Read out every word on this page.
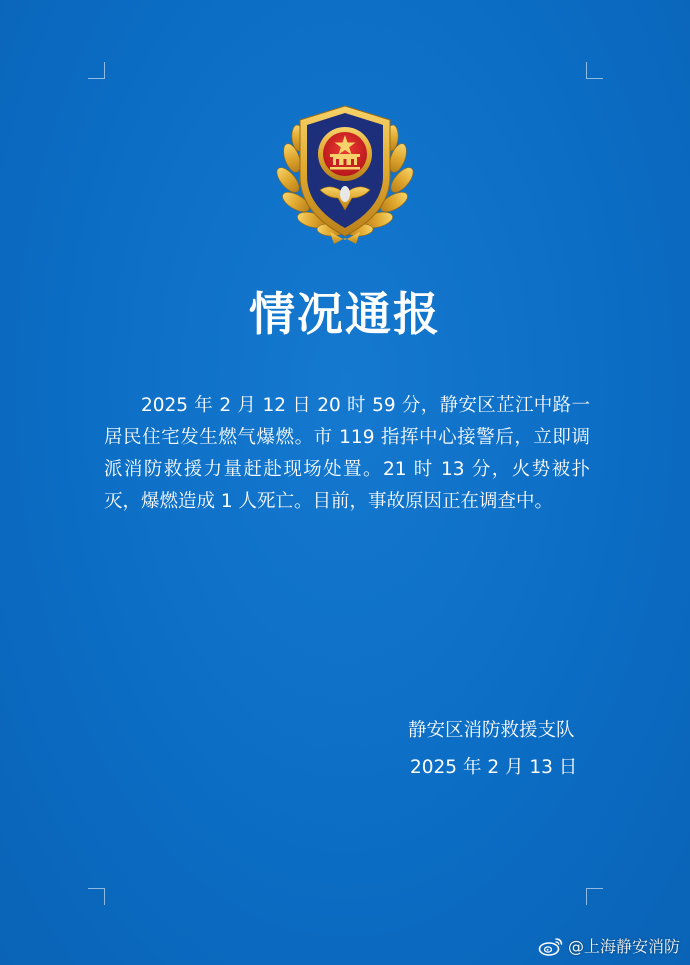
情况通报
2025 年 2 月 12 日 20 时 59 分，静安区芷江中路一居民住宅发生燃气爆燃。市 119 指挥中心接警后，立即调派消防救援力量赶赴现场处置。21 时 13 分，火势被扑灭，爆燃造成 1 人死亡。目前，事故原因正在调查中。
静安区消防救援支队
2025 年 2 月 13 日
@上海静安消防
